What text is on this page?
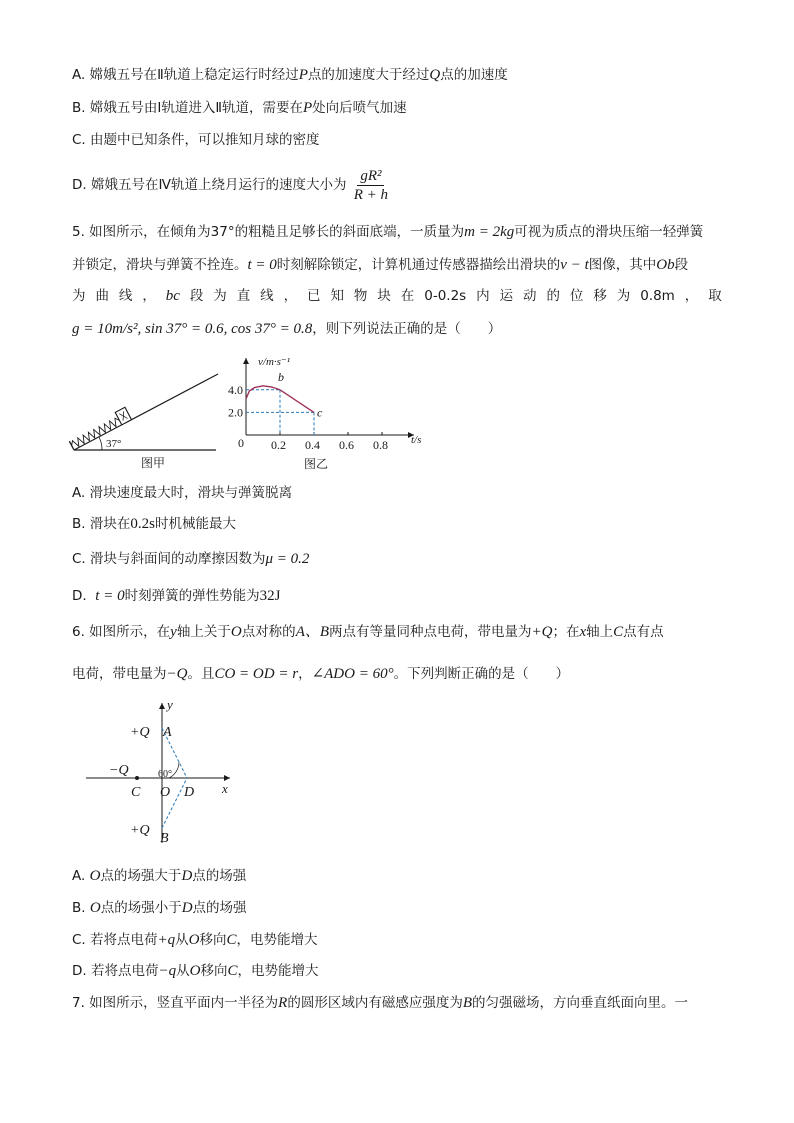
A. 嫦娥五号在Ⅱ轨道上稳定运行时经过P点的加速度大于经过Q点的加速度
B. 嫦娥五号由Ⅰ轨道进入Ⅱ轨道，需要在P处向后喷气加速
C. 由题中已知条件，可以推知月球的密度
D. 嫦娥五号在Ⅳ轨道上绕月运行的速度大小为 $\frac{\text{gR²}}{R + h}$
5. 如图所示，在倾角为37°的粗糙且足够长的斜面底端，一质量为m = 2kg可视为质点的滑块压缩一轻弹簧
并锁定，滑块与弹簧不拴连。t = 0时刻解除锁定，计算机通过传感器描绘出滑块的v − t图像，其中Ob段
为 曲 线 ， bc 段 为 直 线 ， 已 知 物 块 在 0-0.2s 内 运 动 的 位 移 为 0.8m ， 取
g = 10m/s², sin 37° = 0.6, cos 37° = 0.8，则下列说法正确的是（　　）
37°
图甲
v/m·s⁻¹
t/s
0 0.2 0.4 0.6 0.8
2.0
4.0
b
c
图乙
A. 滑块速度最大时，滑块与弹簧脱离
B. 滑块在0.2s时机械能最大
C. 滑块与斜面间的动摩擦因数为μ = 0.2
D. t = 0时刻弹簧的弹性势能为32J
6. 如图所示，在y轴上关于O点对称的A、B两点有等量同种点电荷，带电量为+Q；在x轴上C点有点
电荷，带电量为−Q。且CO = OD = r，∠ADO = 60°。下列判断正确的是（　　）
y
x
+Q A
−Q
C O D
+Q
B
60°
A. O点的场强大于D点的场强
B. O点的场强小于D点的场强
C. 若将点电荷+q从O移向C，电势能增大
D. 若将点电荷−q从O移向C，电势能增大
7. 如图所示，竖直平面内一半径为R的圆形区域内有磁感应强度为B的匀强磁场，方向垂直纸面向里。一
